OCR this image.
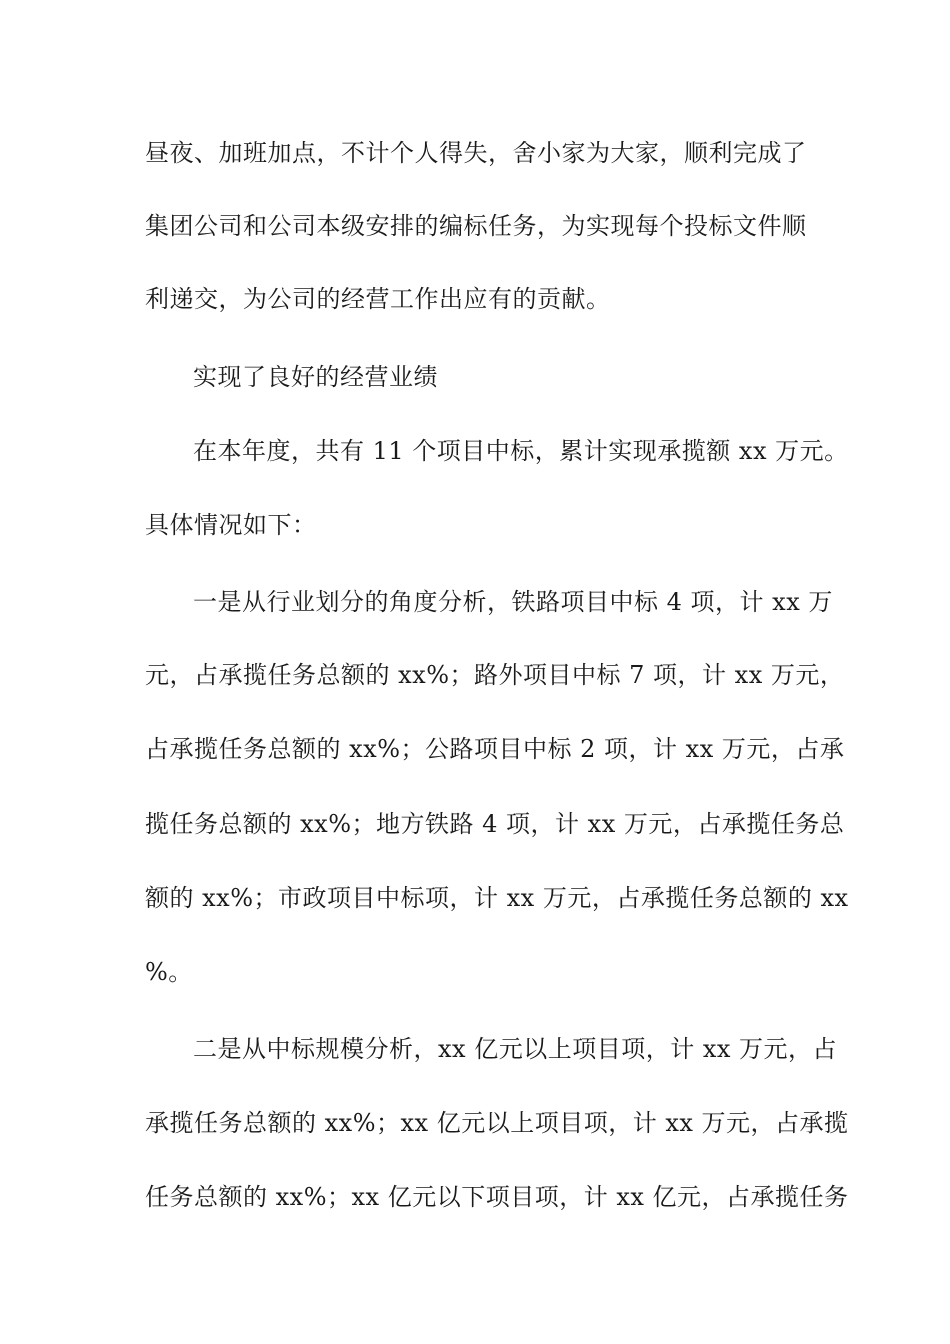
昼夜、加班加点，不计个人得失，舍小家为大家，顺利完成了
集团公司和公司本级安排的编标任务，为实现每个投标文件顺
利递交，为公司的经营工作出应有的贡献。
实现了良好的经营业绩
在本年度，共有 11 个项目中标，累计实现承揽额 xx 万元。
具体情况如下：
一是从行业划分的角度分析，铁路项目中标 4 项，计 xx 万
元，占承揽任务总额的 xx%；路外项目中标 7 项，计 xx 万元，
占承揽任务总额的 xx%；公路项目中标 2 项，计 xx 万元，占承
揽任务总额的 xx%；地方铁路 4 项，计 xx 万元，占承揽任务总
额的 xx%；市政项目中标项，计 xx 万元，占承揽任务总额的 xx
%。
二是从中标规模分析，xx 亿元以上项目项，计 xx 万元，占
承揽任务总额的 xx%；xx 亿元以上项目项，计 xx 万元，占承揽
任务总额的 xx%；xx 亿元以下项目项，计 xx 亿元，占承揽任务
